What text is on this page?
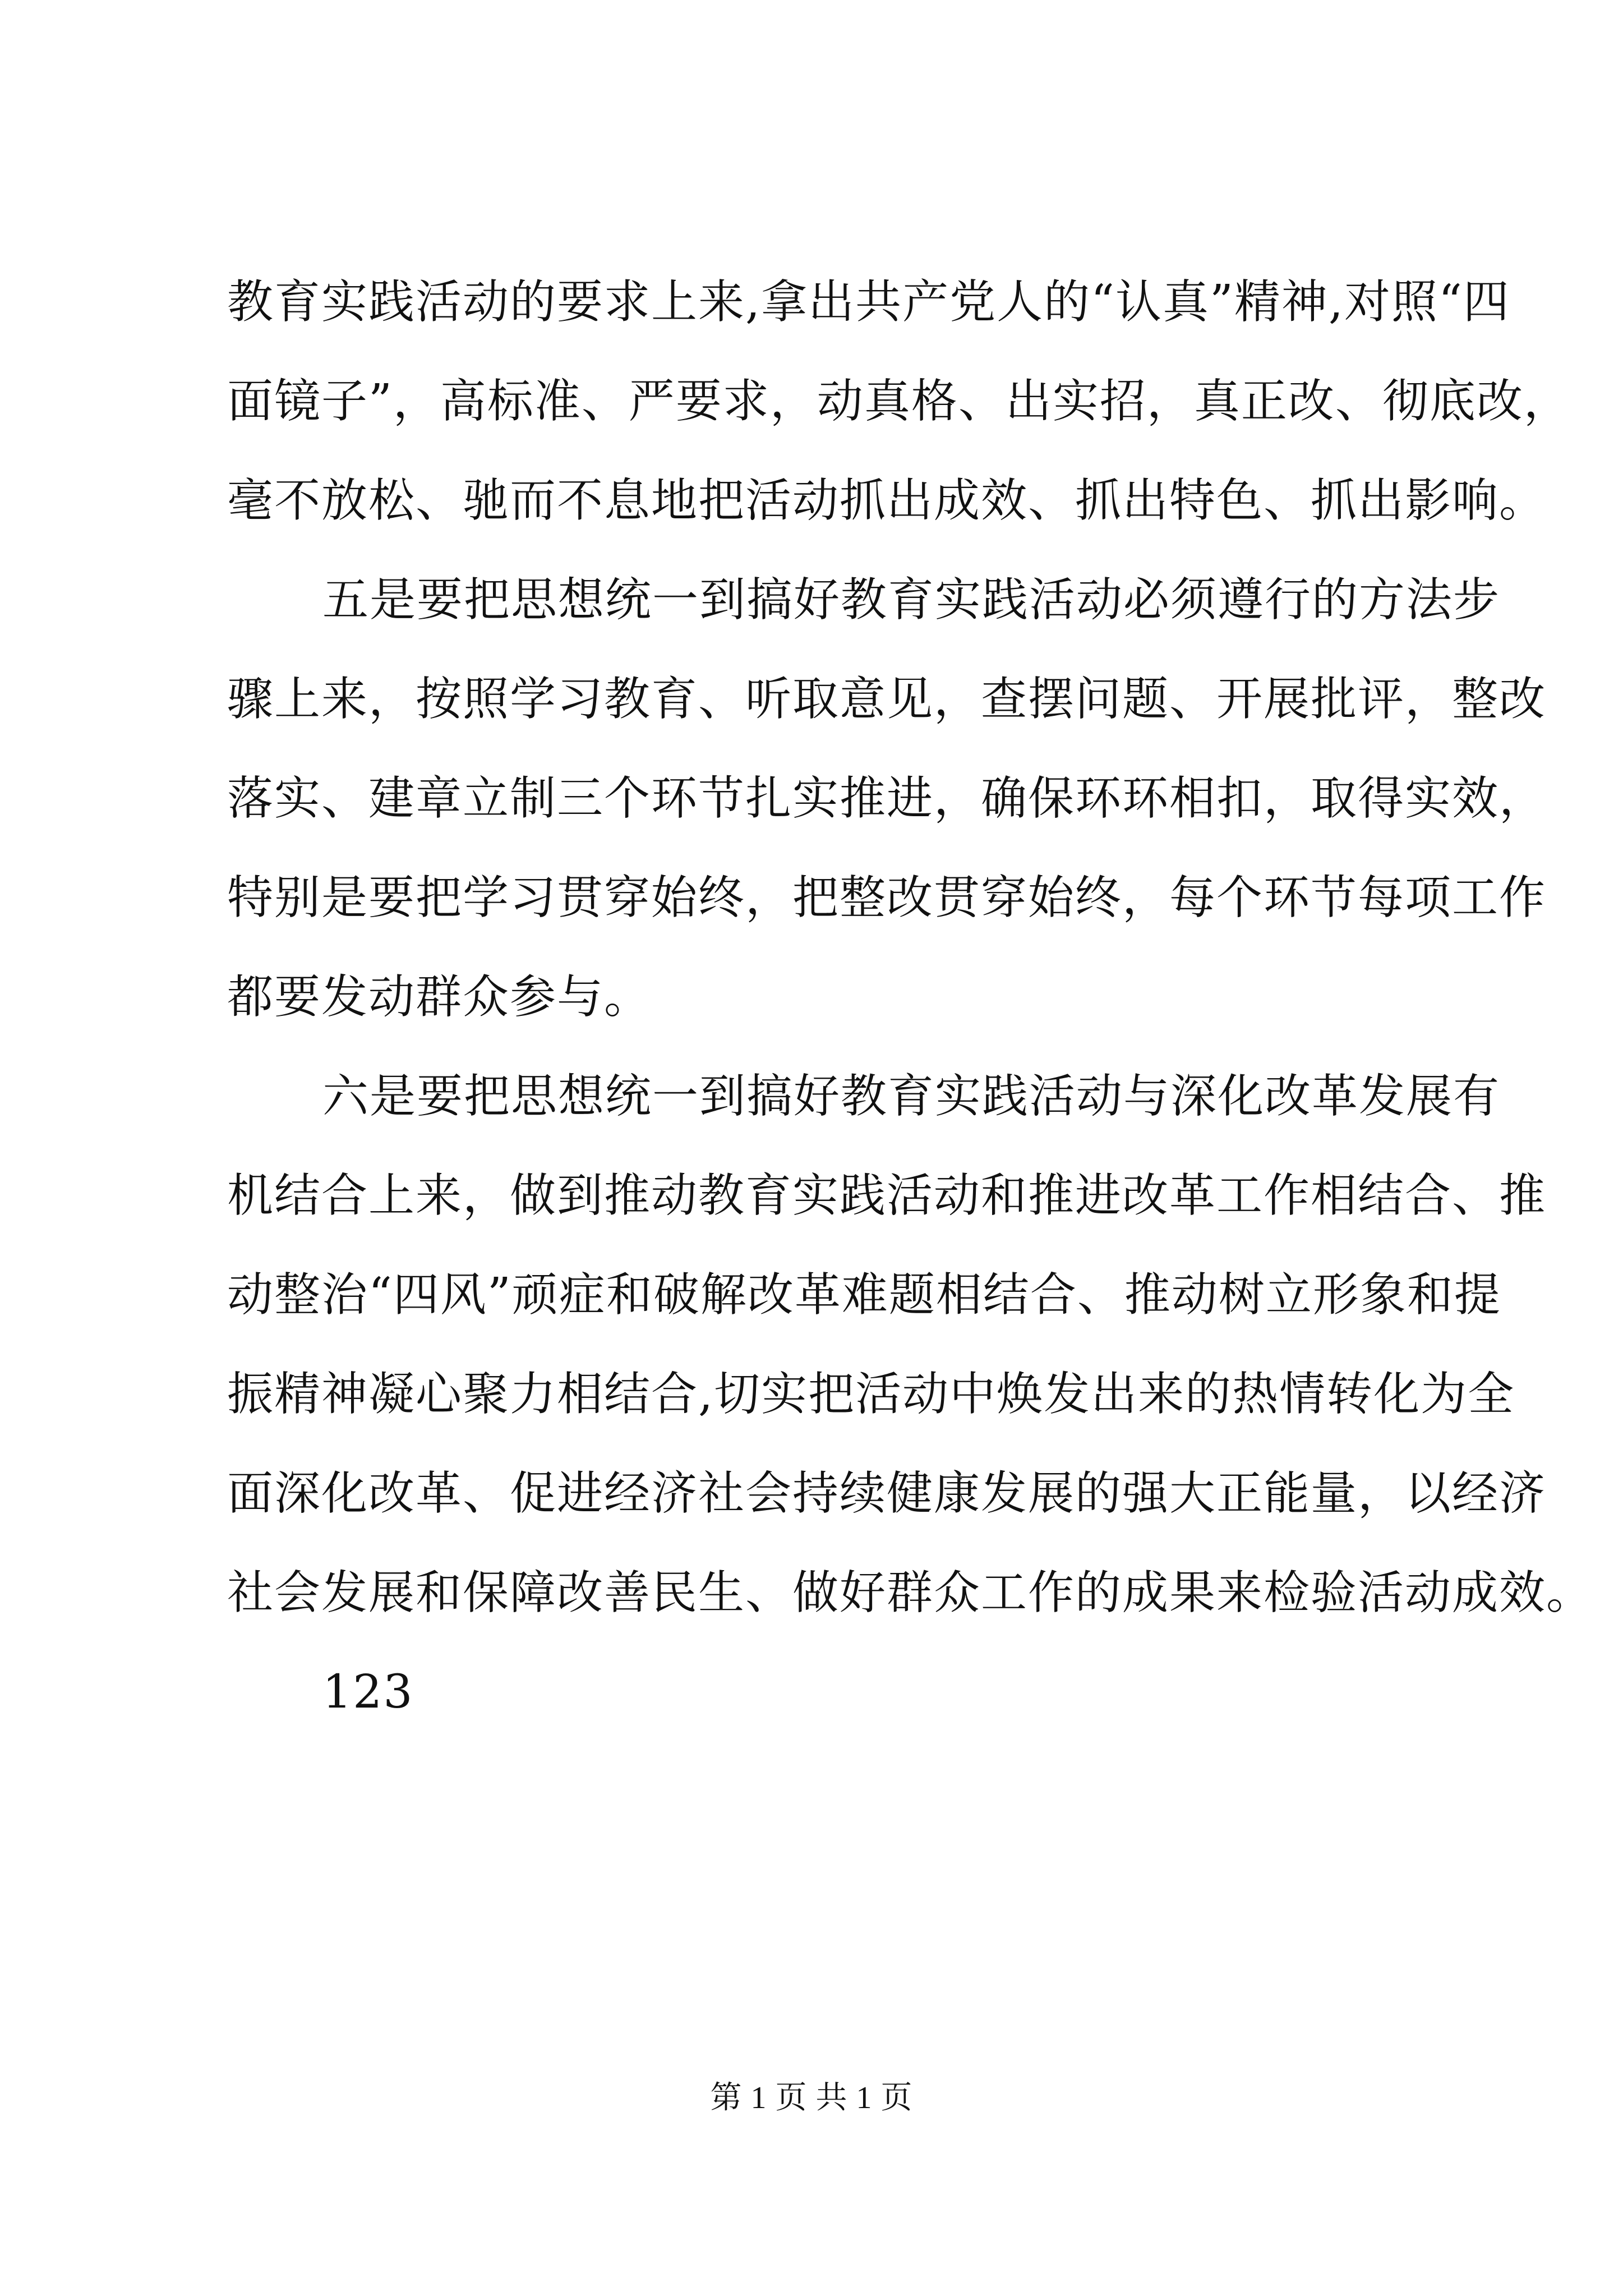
教育实践活动的要求上来,拿出共产党人的“认真”精神,对照“四
面镜子”，高标准、严要求，动真格、出实招，真正改、彻底改，
毫不放松、驰而不息地把活动抓出成效、抓出特色、抓出影响。
五是要把思想统一到搞好教育实践活动必须遵行的方法步
骤上来，按照学习教育、听取意见，查摆问题、开展批评，整改
落实、建章立制三个环节扎实推进，确保环环相扣，取得实效，
特别是要把学习贯穿始终，把整改贯穿始终，每个环节每项工作
都要发动群众参与。
六是要把思想统一到搞好教育实践活动与深化改革发展有
机结合上来，做到推动教育实践活动和推进改革工作相结合、推
动整治“四风”顽症和破解改革难题相结合、推动树立形象和提
振精神凝心聚力相结合,切实把活动中焕发出来的热情转化为全
面深化改革、促进经济社会持续健康发展的强大正能量，以经济
社会发展和保障改善民生、做好群众工作的成果来检验活动成效。
123
第 1 页 共 1 页
